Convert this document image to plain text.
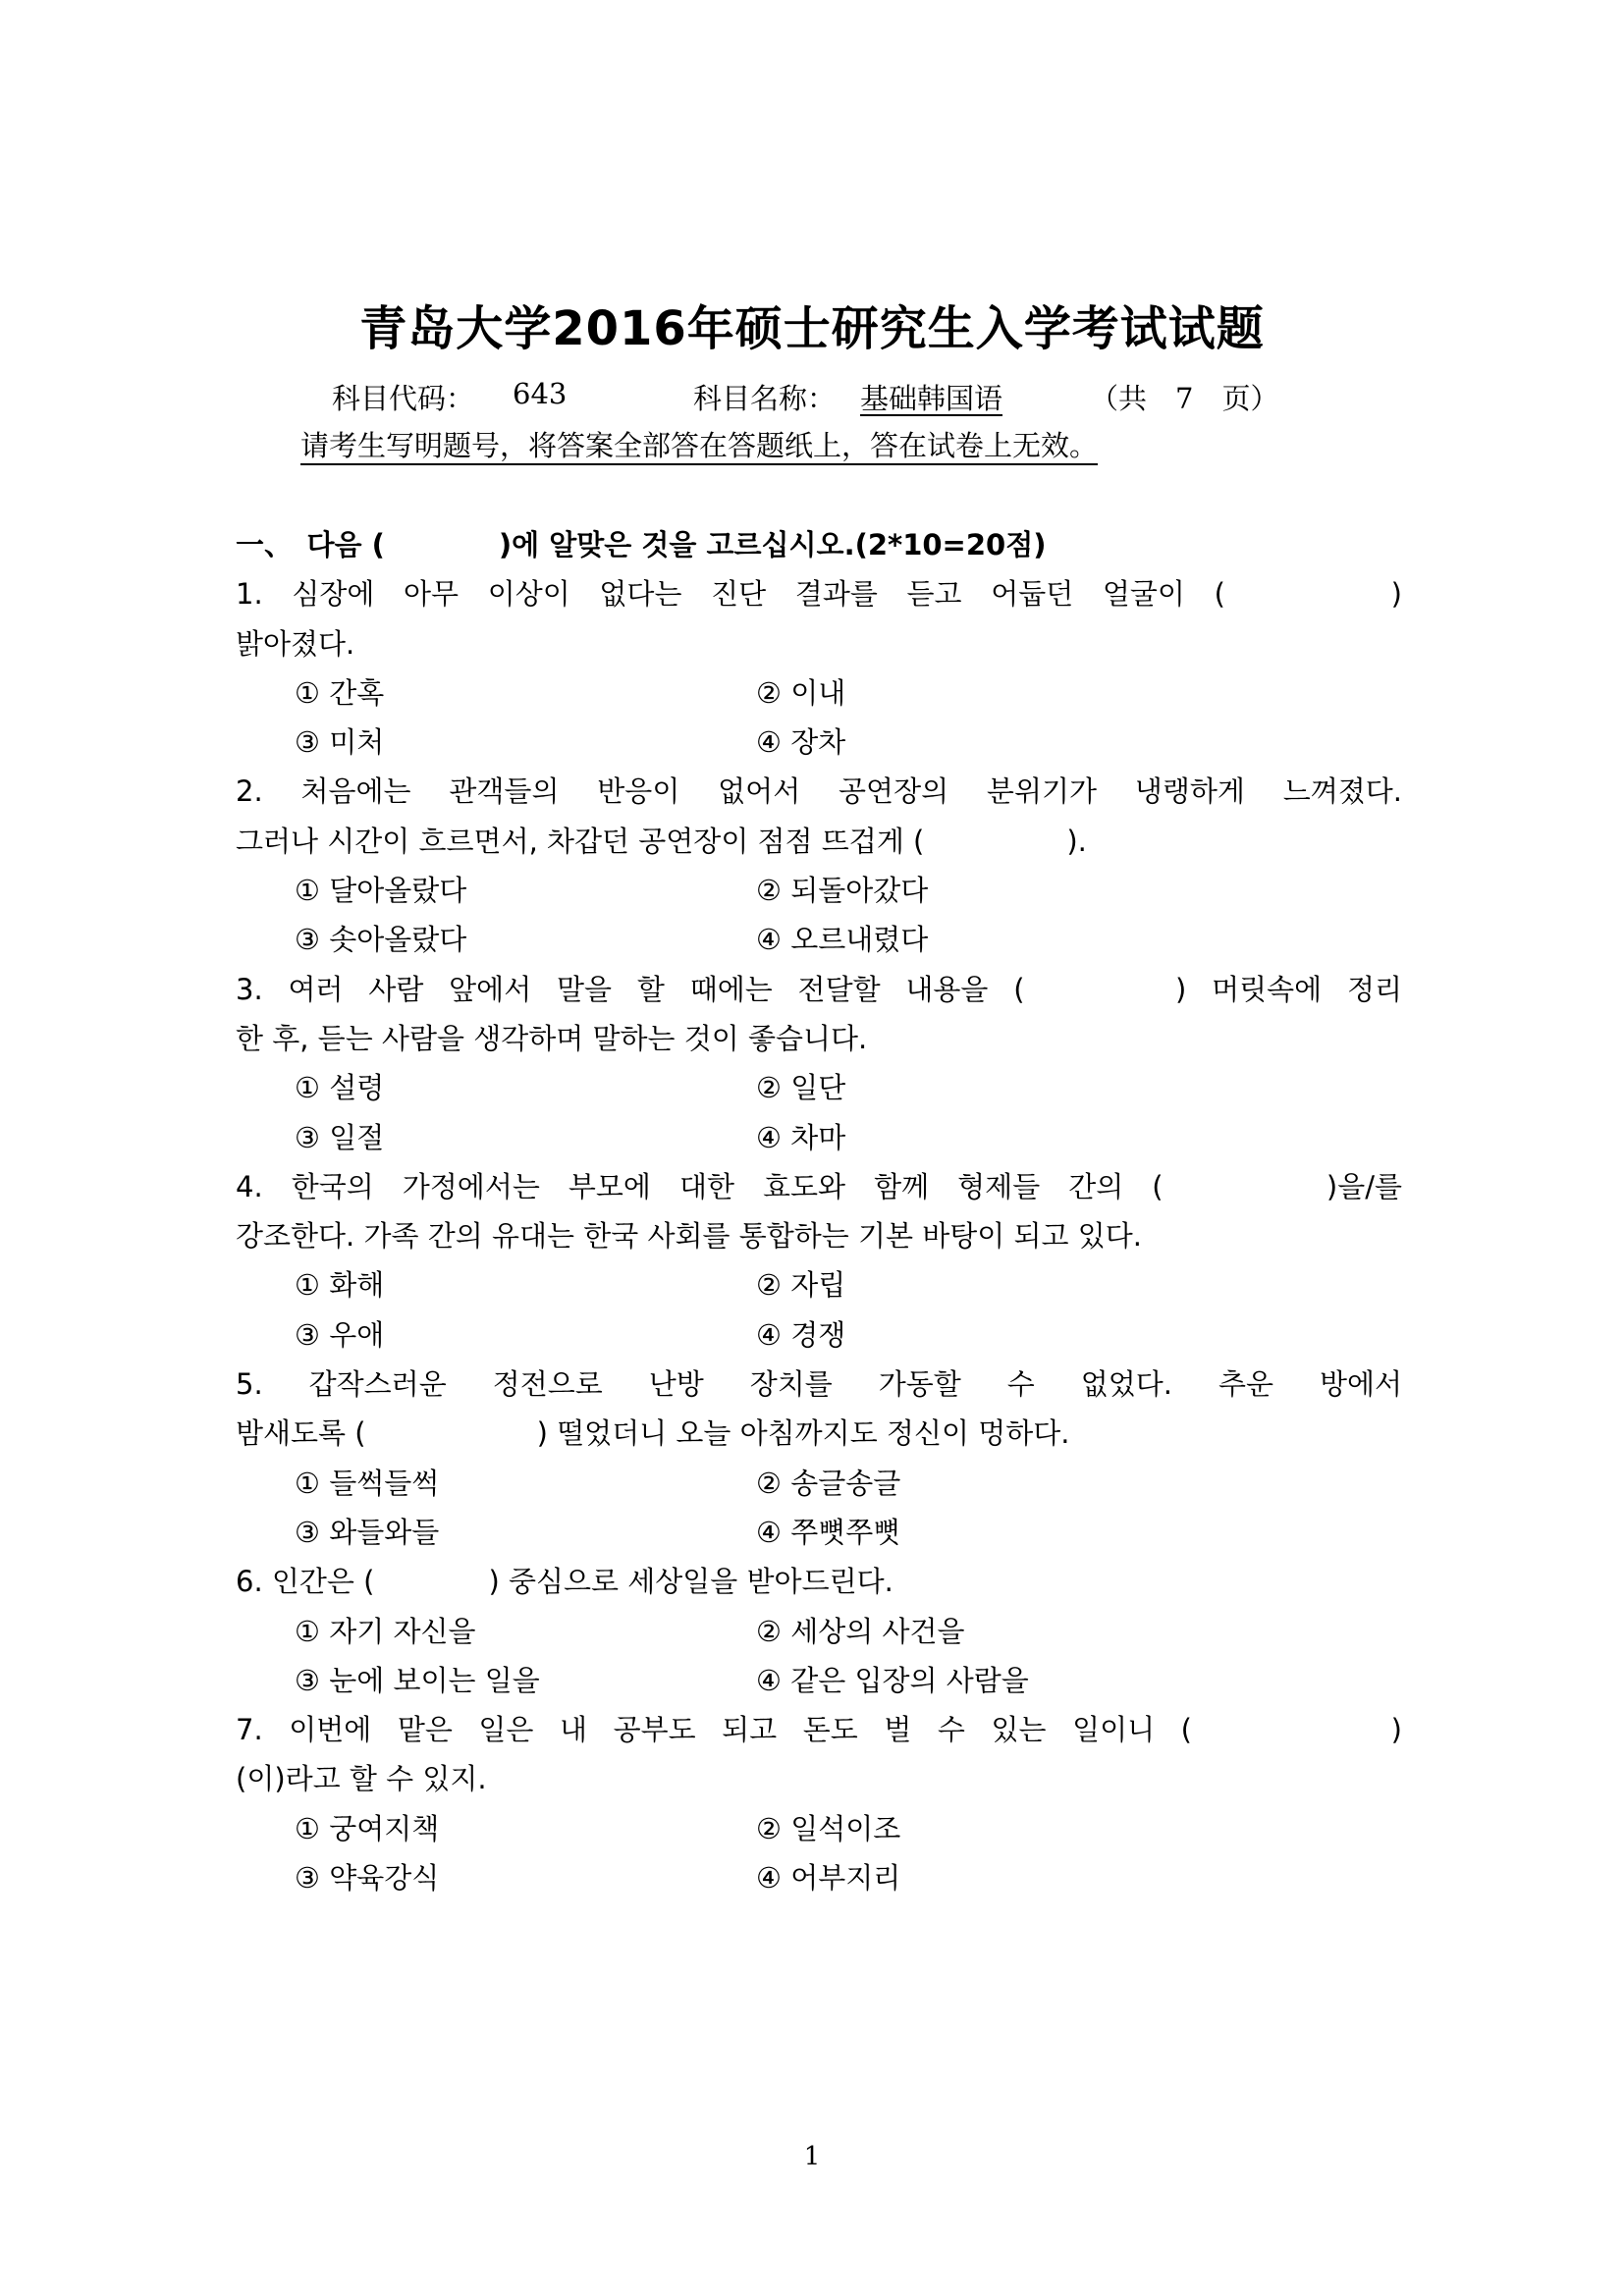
青岛大学2016年硕士研究生入学考试试题
科目代码： 643	科目名称： 基础韩国语	（共　7　页）
请考生写明题号，将答案全部答在答题纸上，答在试卷上无效。
一、　다음 (　　　　)에 알맞은 것을 고르십시오.(2*10=20점)
1. 심장에 아무 이상이 없다는 진단 결과를 듣고 어둡던 얼굴이 (　　　)
밝아졌다.
① 간혹	② 이내
③ 미처	④ 장차
2. 처음에는 관객들의 반응이 없어서 공연장의 분위기가 냉랭하게 느껴졌다.
그러나 시간이 흐르면서, 차갑던 공연장이 점점 뜨겁게 (　　　　　).
① 달아올랐다	② 되돌아갔다
③ 솟아올랐다	④ 오르내렸다
3. 여러 사람 앞에서 말을 할 때에는 전달할 내용을 (　　　) 머릿속에 정리
한 후, 듣는 사람을 생각하며 말하는 것이 좋습니다.
① 설령	② 일단
③ 일절	④ 차마
4. 한국의 가정에서는 부모에 대한 효도와 함께 형제들 간의 (　　　)을/를
강조한다. 가족 간의 유대는 한국 사회를 통합하는 기본 바탕이 되고 있다.
① 화해	② 자립
③ 우애	④ 경쟁
5. 갑작스러운 정전으로 난방 장치를 가동할 수 없었다. 추운 방에서
밤새도록 (　　　　　　) 떨었더니 오늘 아침까지도 정신이 멍하다.
① 들썩들썩	② 송글송글
③ 와들와들	④ 쭈뼛쭈뼛
6. 인간은 (　　　　) 중심으로 세상일을 받아드린다.
① 자기 자신을	② 세상의 사건을
③ 눈에 보이는 일을	④ 같은 입장의 사람을
7. 이번에 맡은 일은 내 공부도 되고 돈도 벌 수 있는 일이니 (　　　　)
(이)라고 할 수 있지.
① 궁여지책	② 일석이조
③ 약육강식	④ 어부지리
1
